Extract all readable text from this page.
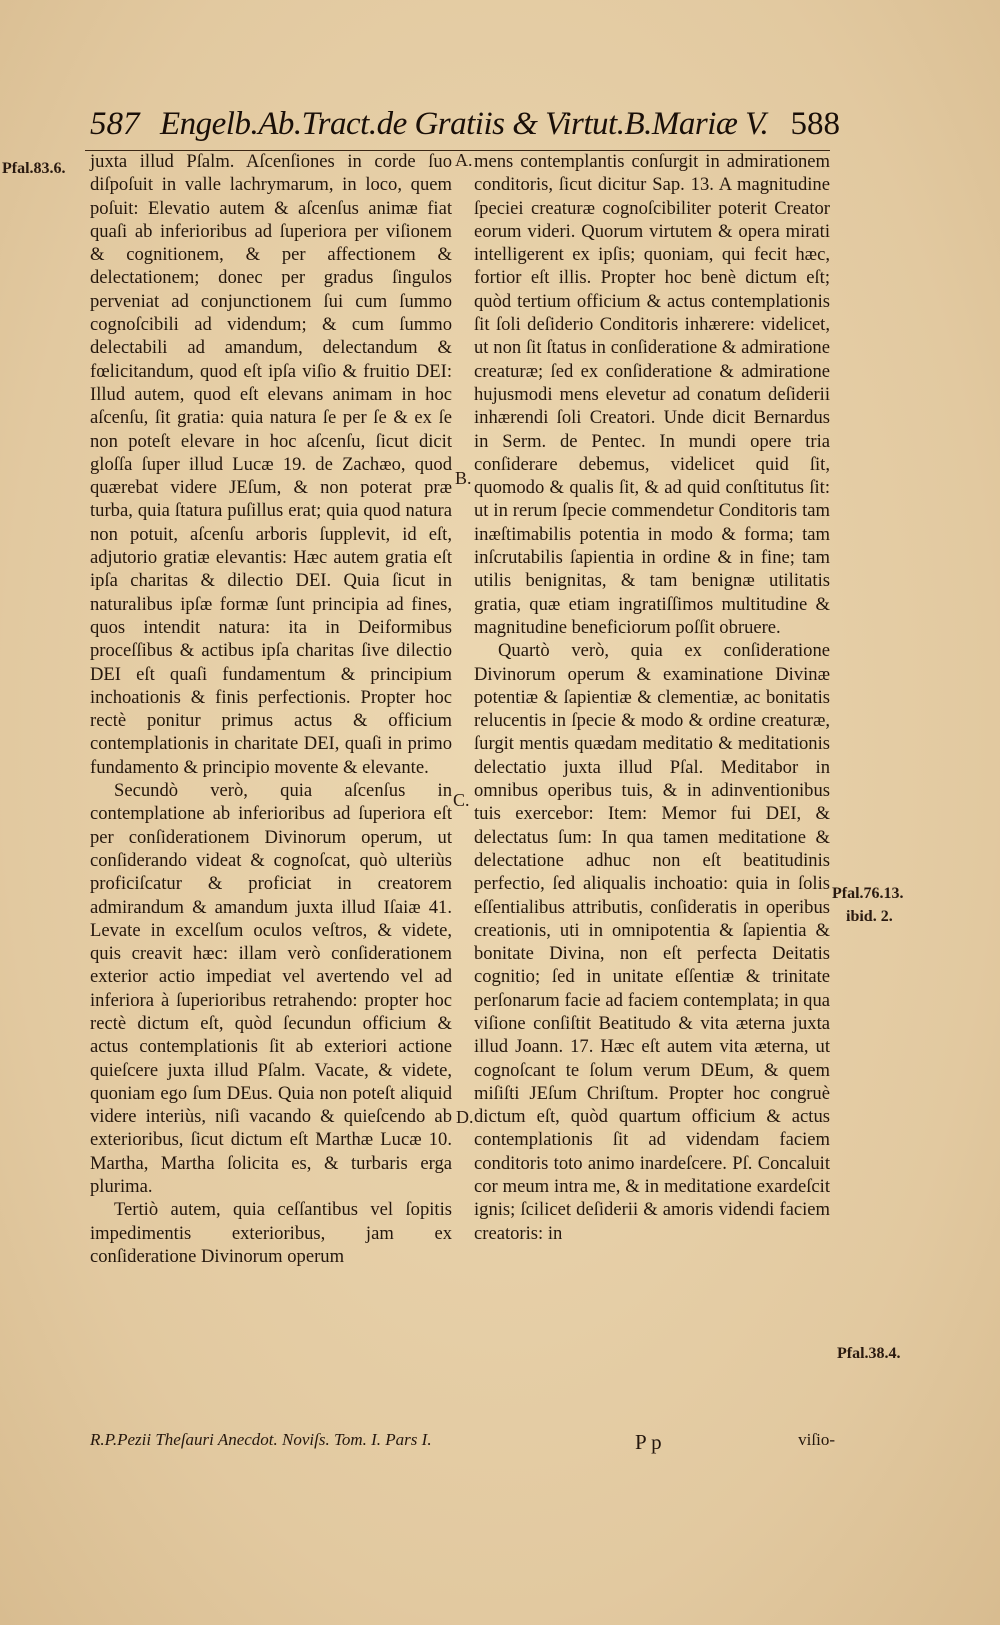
587 Engelb.Ab.Tract.de Gratiis & Virtut.B.Mariæ V. 588

juxta illud Pſalm. Aſcenſiones in corde ſuo diſpoſuit in valle lachrymarum, in loco, quem poſuit: Elevatio autem & aſcenſus animæ fiat quaſi ab inferioribus ad ſuperiora per viſionem & cognitionem, & per affectionem & delectationem; donec per gradus ſingulos perveniat ad conjunctionem ſui cum ſummo cognoſcibili ad videndum; & cum ſummo delectabili ad amandum, delectandum & fœlicitandum, quod eſt ipſa viſio & fruitio DEI: Illud autem, quod eſt elevans animam in hoc aſcenſu, ſit gratia: quia natura ſe per ſe & ex ſe non poteſt elevare in hoc aſcenſu, ſicut dicit gloſſa ſuper illud Lucæ 19. de Zachæo, quod quærebat videre JEſum, & non poterat præ turba, quia ſtatura puſillus erat; quia quod natura non potuit, aſcenſu arboris ſupplevit, id eſt, adjutorio gratiæ elevantis: Hæc autem gratia eſt ipſa charitas & dilectio DEI. Quia ſicut in naturalibus ipſæ formæ ſunt principia ad fines, quos intendit natura: ita in Deiformibus proceſſibus & actibus ipſa charitas ſive dilectio DEI eſt quaſi fundamentum & principium inchoationis & finis perfectionis. Propter hoc rectè ponitur primus actus & officium contemplationis in charitate DEI, quaſi in primo fundamento & principio movente & elevante.

Secundò verò, quia aſcenſus in contemplatione ab inferioribus ad ſuperiora eſt per conſiderationem Divinorum operum, ut conſiderando videat & cognoſcat, quò ulteriùs proficiſcatur & proficiat in creatorem admirandum & amandum juxta illud Iſaiæ 41. Levate in excelſum oculos veſtros, & videte, quis creavit hæc: illam verò conſiderationem exterior actio impediat vel avertendo vel ad inferiora à ſuperioribus retrahendo: propter hoc rectè dictum eſt, quòd ſecundun officium & actus contemplationis ſit ab exteriori actione quieſcere juxta illud Pſalm. Vacate, & videte, quoniam ego ſum DEus. Quia non poteſt aliquid videre interiùs, niſi vacando & quieſcendo ab exterioribus, ſicut dictum eſt Marthæ Lucæ 10. Martha, Martha ſolicita es, & turbaris erga plurima.

Tertiò autem, quia ceſſantibus vel ſopitis impedimentis exterioribus, jam ex conſideratione Divinorum operum

mens contemplantis conſurgit in admirationem conditoris, ſicut dicitur Sap. 13. A magnitudine ſpeciei creaturæ cognoſcibiliter poterit Creator eorum videri. Quorum virtutem & opera mirati intelligerent ex ipſis; quoniam, qui fecit hæc, fortior eſt illis. Propter hoc benè dictum eſt; quòd tertium officium & actus contemplationis ſit ſoli deſiderio Conditoris inhærere: videlicet, ut non ſit ſtatus in conſideratione & admiratione creaturæ; ſed ex conſideratione & admiratione hujusmodi mens elevetur ad conatum deſiderii inhærendi ſoli Creatori. Unde dicit Bernardus in Serm. de Pentec. In mundi opere tria conſiderare debemus, videlicet quid ſit, quomodo & qualis ſit, & ad quid conſtitutus ſit: ut in rerum ſpecie commendetur Conditoris tam inæſtimabilis potentia in modo & forma; tam inſcrutabilis ſapientia in ordine & in fine; tam utilis benignitas, & tam benignæ utilitatis gratia, quæ etiam ingratiſſimos multitudine & magnitudine beneficiorum poſſit obruere.

Quartò verò, quia ex conſideratione Divinorum operum & examinatione Divinæ potentiæ & ſapientiæ & clementiæ, ac bonitatis relucentis in ſpecie & modo & ordine creaturæ, ſurgit mentis quædam meditatio & meditationis delectatio juxta illud Pſal. Meditabor in omnibus operibus tuis, & in adinventionibus tuis exercebor: Item: Memor fui DEI, & delectatus ſum: In qua tamen meditatione & delectatione adhuc non eſt beatitudinis perfectio, ſed aliqualis inchoatio: quia in ſolis eſſentialibus attributis, conſideratis in operibus creationis, uti in omnipotentia & ſapientia & bonitate Divina, non eſt perfecta Deitatis cognitio; ſed in unitate eſſentiæ & trinitate perſonarum facie ad faciem contemplata; in qua viſione conſiſtit Beatitudo & vita æterna juxta illud Joann. 17. Hæc eſt autem vita æterna, ut cognoſcant te ſolum verum DEum, & quem miſiſti JEſum Chriſtum. Propter hoc congruè dictum eſt, quòd quartum officium & actus contemplationis ſit ad videndam faciem conditoris toto animo inardeſcere. Pſ. Concaluit cor meum intra me, & in meditatione exardeſcit ignis; ſcilicet deſiderii & amoris videndi faciem creatoris: in

Pfal.83.6.
Pfal.76.13.
ibid. 2.
Pfal.38.4.
A.
B.
C.
D.
R.P.Pezii Theſauri Anecdot. Noviſs. Tom. I. Pars I.	P p	viſio-
